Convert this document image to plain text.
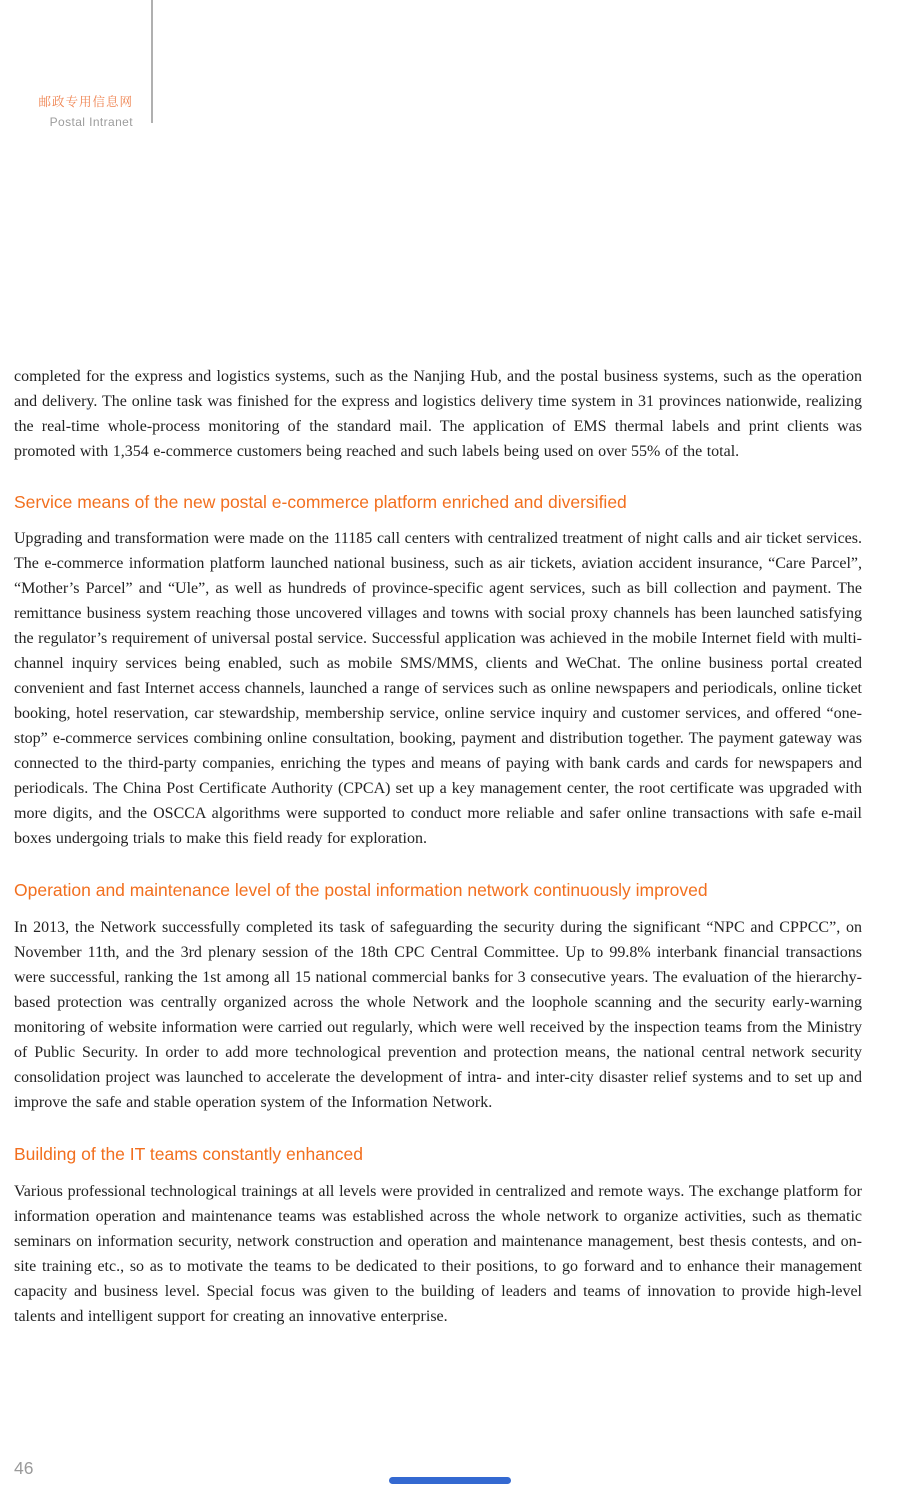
邮政专用信息网
Postal Intranet

completed for the express and logistics systems, such as the Nanjing Hub, and the postal business systems, such as the operation and delivery. The online task was finished for the express and logistics delivery time system in 31 provinces nationwide, realizing the real-time whole-process monitoring of the standard mail. The application of EMS thermal labels and print clients was promoted with 1,354 e-commerce customers being reached and such labels being used on over 55% of the total.

Service means of the new postal e-commerce platform enriched and diversified

Upgrading and transformation were made on the 11185 call centers with centralized treatment of night calls and air ticket services. The e-commerce information platform launched national business, such as air tickets, aviation accident insurance, “Care Parcel”, “Mother’s Parcel” and “Ule”, as well as hundreds of province-specific agent services, such as bill collection and payment. The remittance business system reaching those uncovered villages and towns with social proxy channels has been launched satisfying the regulator’s requirement of universal postal service. Successful application was achieved in the mobile Internet field with multi-channel inquiry services being enabled, such as mobile SMS/MMS, clients and WeChat. The online business portal created convenient and fast Internet access channels, launched a range of services such as online newspapers and periodicals, online ticket booking, hotel reservation, car stewardship, membership service, online service inquiry and customer services, and offered “one-stop” e-commerce services combining online consultation, booking, payment and distribution together. The payment gateway was connected to the third-party companies, enriching the types and means of paying with bank cards and cards for newspapers and periodicals. The China Post Certificate Authority (CPCA) set up a key management center, the root certificate was upgraded with more digits, and the OSCCA algorithms were supported to conduct more reliable and safer online transactions with safe e-mail boxes undergoing trials to make this field ready for exploration.

Operation and maintenance level of the postal information network continuously improved

In 2013, the Network successfully completed its task of safeguarding the security during the significant “NPC and CPPCC”, on November 11th, and the 3rd plenary session of the 18th CPC Central Committee. Up to 99.8% interbank financial transactions were successful, ranking the 1st among all 15 national commercial banks for 3 consecutive years. The evaluation of the hierarchy-based protection was centrally organized across the whole Network and the loophole scanning and the security early-warning monitoring of website information were carried out regularly, which were well received by the inspection teams from the Ministry of Public Security. In order to add more technological prevention and protection means, the national central network security consolidation project was launched to accelerate the development of intra- and inter-city disaster relief systems and to set up and improve the safe and stable operation system of the Information Network.

Building of the IT teams constantly enhanced

Various professional technological trainings at all levels were provided in centralized and remote ways. The exchange platform for information operation and maintenance teams was established across the whole network to organize activities, such as thematic seminars on information security, network construction and operation and maintenance management, best thesis contests, and on-site training etc., so as to motivate the teams to be dedicated to their positions, to go forward and to enhance their management capacity and business level. Special focus was given to the building of leaders and teams of innovation to provide high-level talents and intelligent support for creating an innovative enterprise.

46
